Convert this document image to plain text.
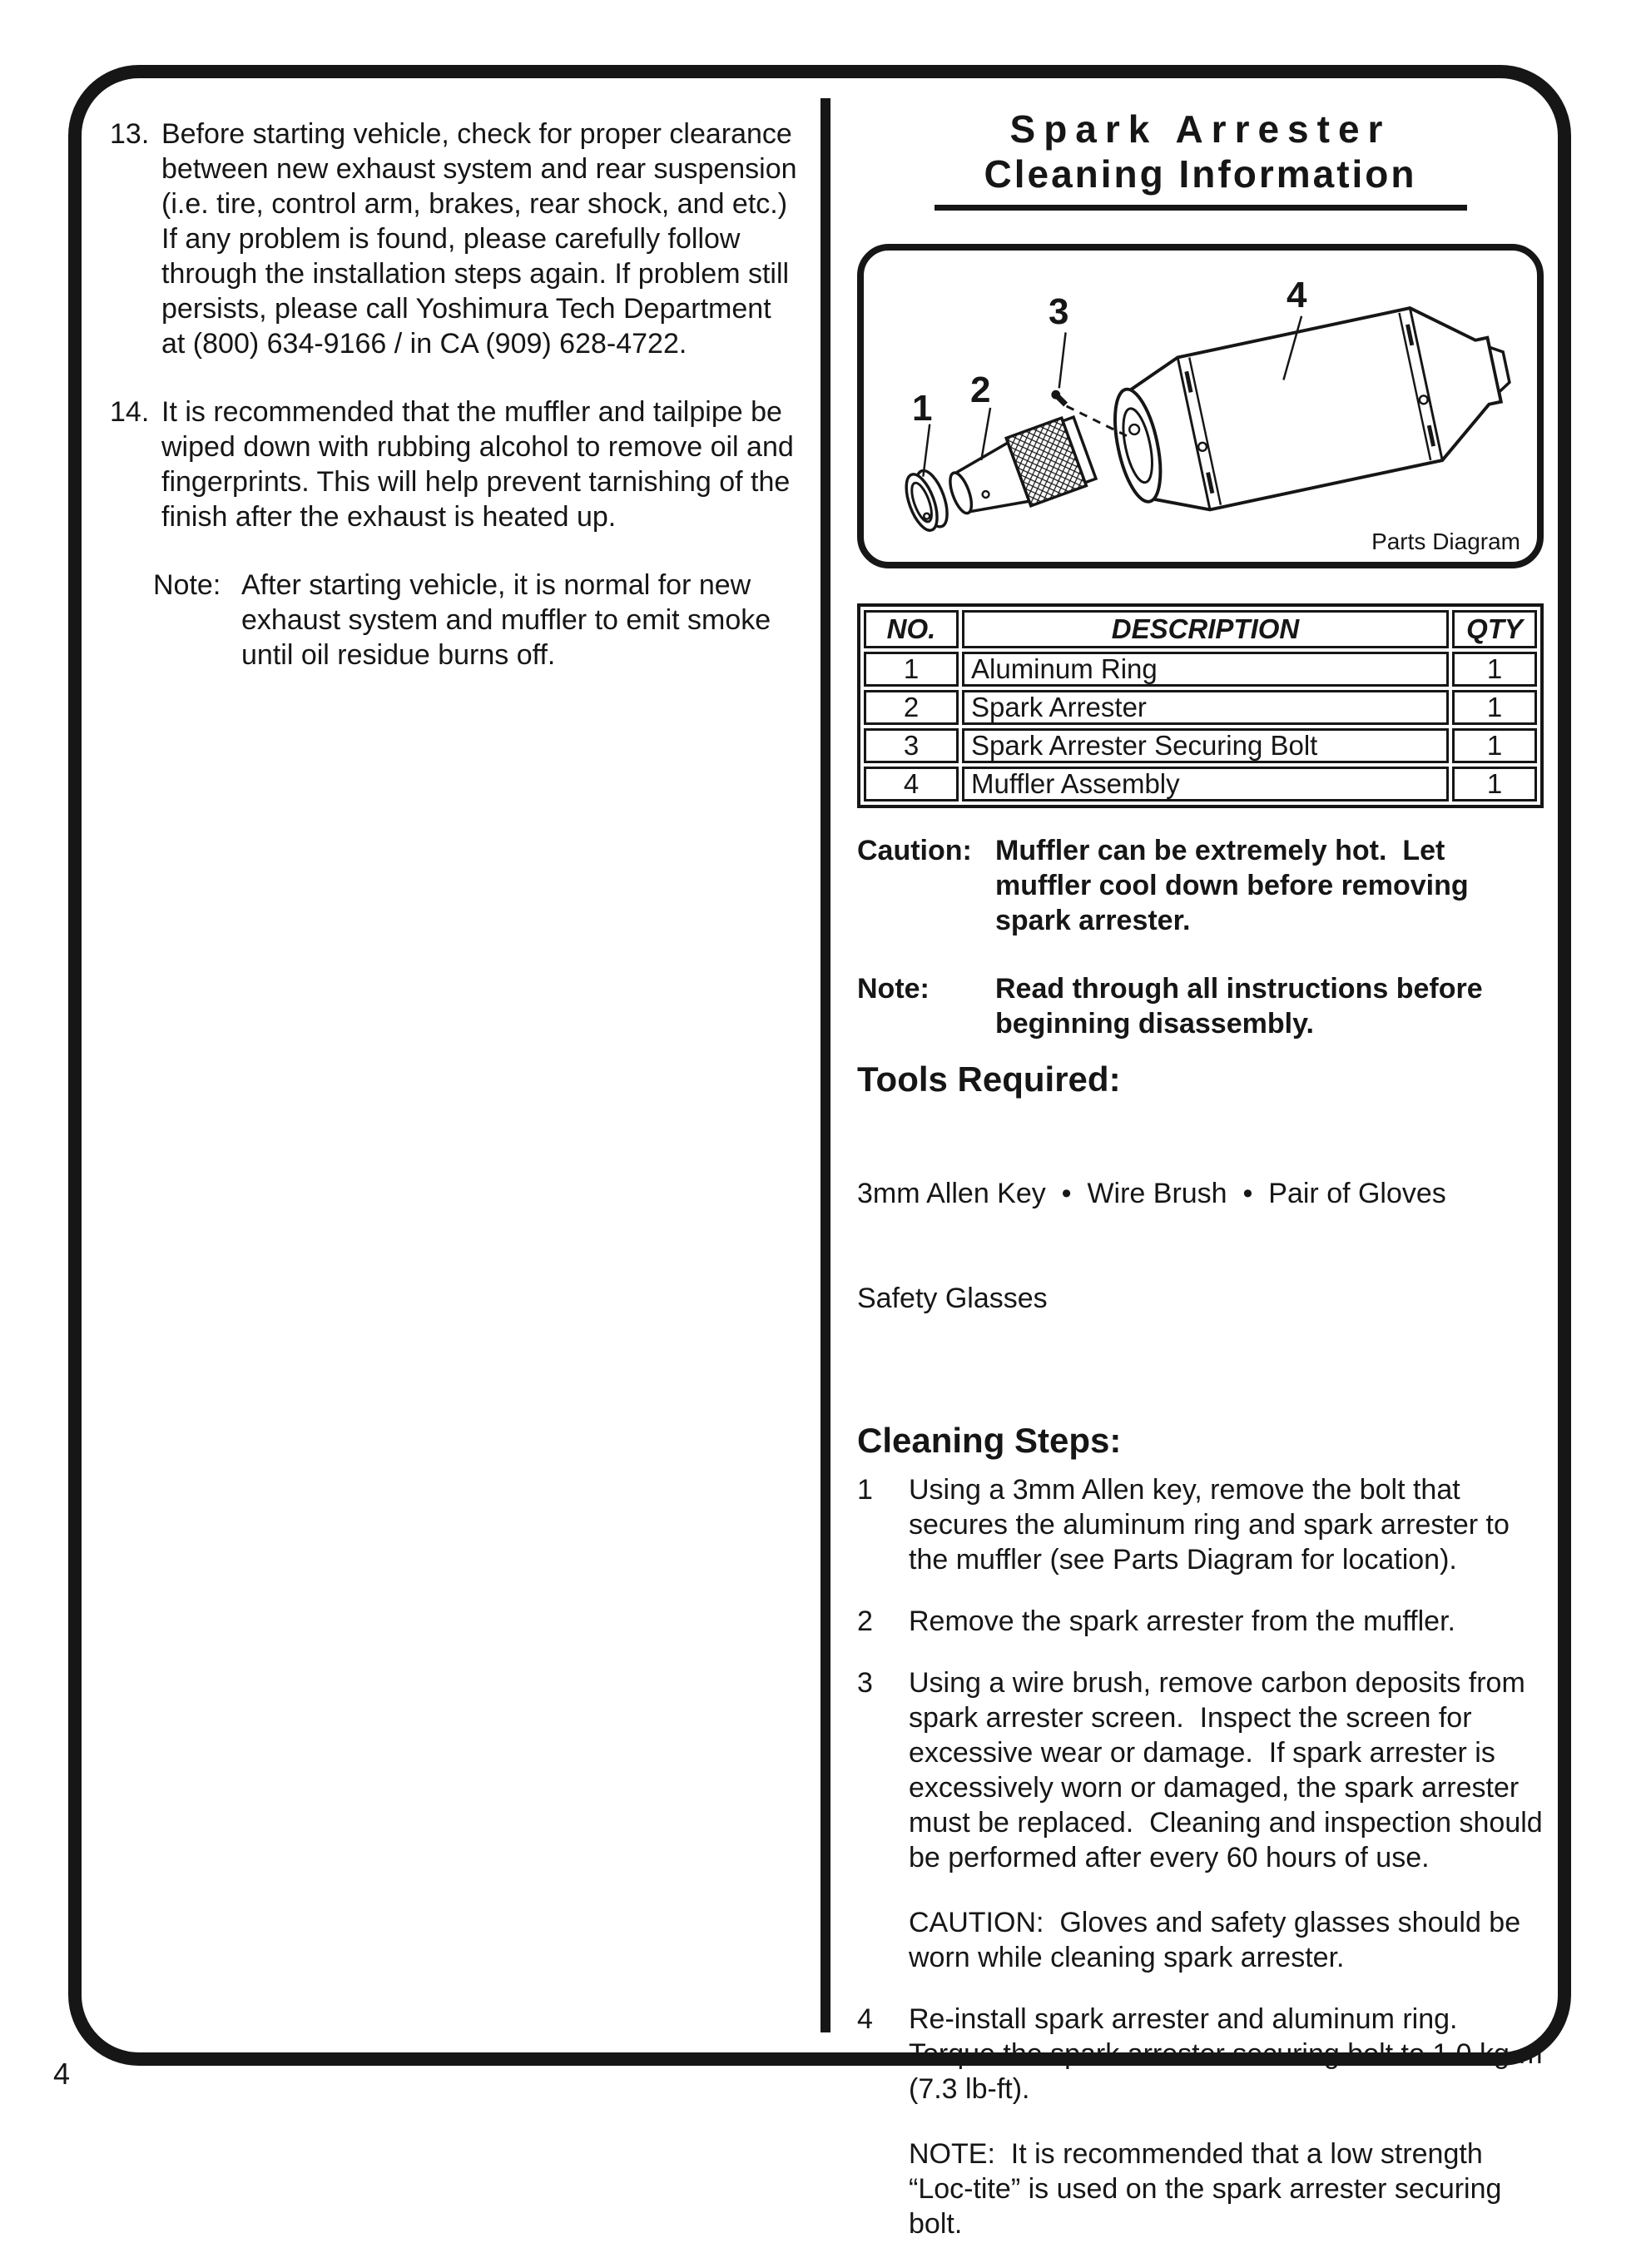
13. Before starting vehicle, check for proper clearance between new exhaust system and rear suspension (i.e. tire, control arm, brakes, rear shock, and etc.) If any problem is found, please carefully follow through the installation steps again. If problem still persists, please call Yoshimura Tech Department at (800) 634-9166 / in CA (909) 628-4722.
14. It is recommended that the muffler and tailpipe be wiped down with rubbing alcohol to remove oil and fingerprints. This will help prevent tarnishing of the finish after the exhaust is heated up.
Note: After starting vehicle, it is normal for new exhaust system and muffler to emit smoke until oil residue burns off.
Spark Arrester
Cleaning Information
1 2
3	4
Parts Diagram
NO.	DESCRIPTION	QTY
1	Aluminum Ring	1
2	Spark Arrester	1
3	Spark Arrester Securing Bolt	1
4	Muffler Assembly	1
Caution: Muffler can be extremely hot.  Let muffler cool down before removing spark arrester.
Note:	Read through all instructions before beginning disassembly.
Tools Required:

3mm Allen Key  •  Wire Brush  •  Pair of Gloves

Safety Glasses

Cleaning Steps:
1	Using a 3mm Allen key, remove the bolt that secures the aluminum ring and spark arrester to the muffler (see Parts Diagram for location).

2	Remove the spark arrester from the muffler.

3	Using a wire brush, remove carbon deposits from spark arrester screen.  Inspect the screen for excessive wear or damage.  If spark arrester is excessively worn or damaged, the spark arrester must be replaced.  Cleaning and inspection should be performed after every 60 hours of use.

CAUTION:  Gloves and safety glasses should be worn while cleaning spark arrester.

4	Re-install spark arrester and aluminum ring. Torque the spark arrester securing bolt to 1.0 kg-m (7.3 lb-ft).

NOTE:  It is recommended that a low strength “Loc-tite” is used on the spark arrester securing bolt.

4
